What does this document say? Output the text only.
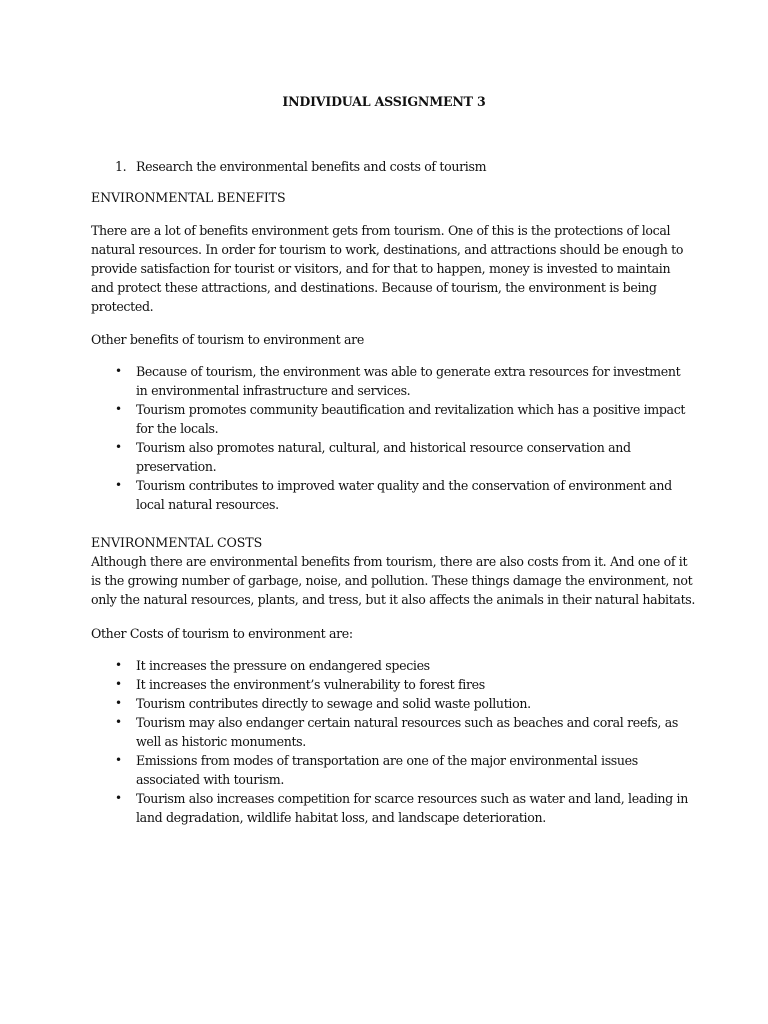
INDIVIDUAL ASSIGNMENT 3
1. Research the environmental benefits and costs of tourism
ENVIRONMENTAL BENEFITS
There are a lot of benefits environment gets from tourism. One of this is the protections of local
natural resources. In order for tourism to work, destinations, and attractions should be enough to
provide satisfaction for tourist or visitors, and for that to happen, money is invested to maintain
and protect these attractions, and destinations. Because of tourism, the environment is being
protected.
Other benefits of tourism to environment are
• Because of tourism, the environment was able to generate extra resources for investment
in environmental infrastructure and services.
• Tourism promotes community beautification and revitalization which has a positive impact
for the locals.
• Tourism also promotes natural, cultural, and historical resource conservation and
preservation.
• Tourism contributes to improved water quality and the conservation of environment and
local natural resources.
ENVIRONMENTAL COSTS
Although there are environmental benefits from tourism, there are also costs from it. And one of it
is the growing number of garbage, noise, and pollution. These things damage the environment, not
only the natural resources, plants, and tress, but it also affects the animals in their natural habitats.
Other Costs of tourism to environment are:
• It increases the pressure on endangered species
• It increases the environment’s vulnerability to forest fires
• Tourism contributes directly to sewage and solid waste pollution.
• Tourism may also endanger certain natural resources such as beaches and coral reefs, as
well as historic monuments.
• Emissions from modes of transportation are one of the major environmental issues
associated with tourism.
• Tourism also increases competition for scarce resources such as water and land, leading in
land degradation, wildlife habitat loss, and landscape deterioration.
